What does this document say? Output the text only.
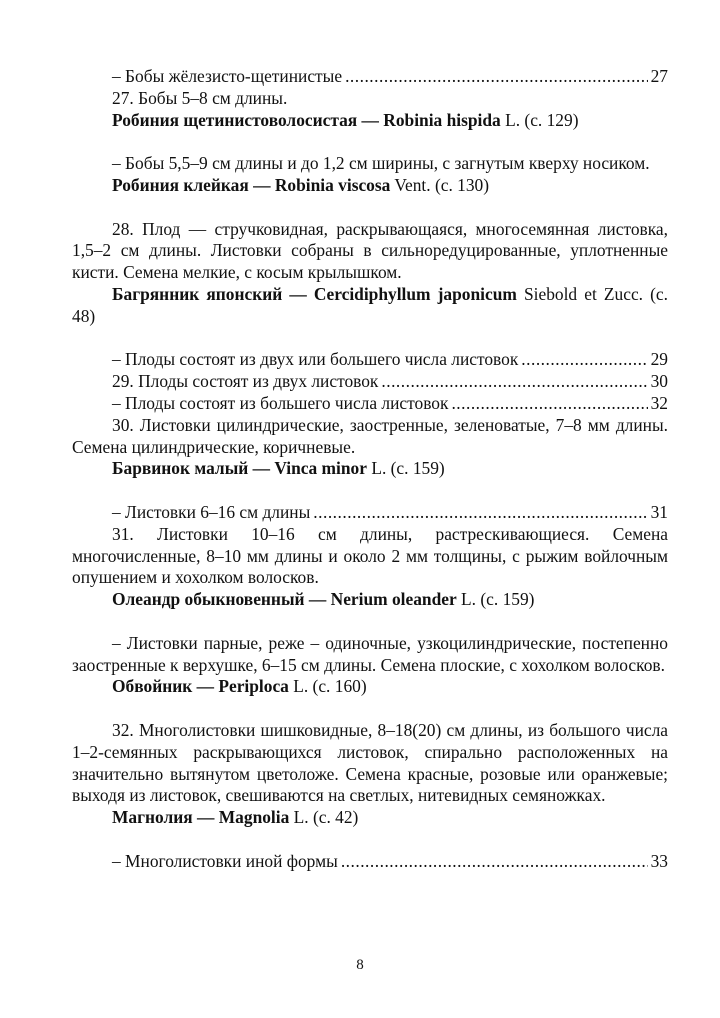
– Бобы жёлезисто-щетинистые .....	27

27. Бобы 5–8 см длины.

Робиния щетинистоволосистая — Robinia hispida L. (с. 129)

– Бобы 5,5–9 см длины и до 1,2 см ширины, с загнутым кверху носиком.

Робиния клейкая — Robinia viscosa Vent. (с. 130)

28. Плод — стручковидная, раскрывающаяся, многосемянная листовка, 1,5–2 см длины. Листовки собраны в сильноредуцированные, уплотненные кисти. Семена мелкие, с косым крылышком.

Багрянник японский — Cercidiphyllum japonicum Siebold et Zucc. (с. 48)

– Плоды состоят из двух или большего числа листовок .....	29
29. Плоды состоят из двух листовок .....	30
– Плоды состоят из большего числа листовок .....	32

30. Листовки цилиндрические, заостренные, зеленоватые, 7–8 мм длины. Семена цилиндрические, коричневые.

Барвинок малый — Vinca minor L. (с. 159)

– Листовки 6–16 см длины .....	31

31. Листовки 10–16 см длины, растрескивающиеся. Семена многочисленные, 8–10 мм длины и около 2 мм толщины, с рыжим войлочным опушением и хохолком волосков.

Олеандр обыкновенный — Nerium oleander L. (с. 159)

– Листовки парные, реже – одиночные, узкоцилиндрические, постепенно заостренные к верхушке, 6–15 см длины. Семена плоские, с хохолком волосков.

Обвойник — Periploca L. (с. 160)

32. Многолистовки шишковидные, 8–18(20) см длины, из большого числа 1–2-семянных раскрывающихся листовок, спирально расположенных на значительно вытянутом цветоложе. Семена красные, розовые или оранжевые; выходя из листовок, свешиваются на светлых, нитевидных семяножках.

Магнолия — Magnolia L. (с. 42)

– Многолистовки иной формы .....	33
8
